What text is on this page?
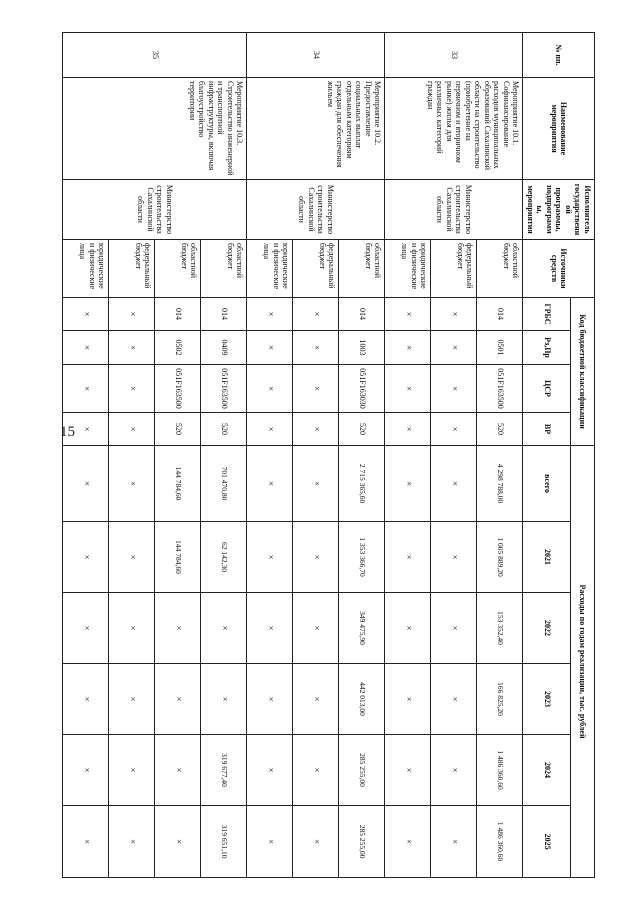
15
№ пп.	Наименование мероприятия	Исполнитель государственной программы, подпрограммы, мероприятия	Источники средств	Код бюджетной классификации				Расходы по годам реализации, тыс. рублей					
				ГРБС	Рз,Пр	ЦСР	ВР	всего	2021	2022	2023	2024	2025
33	Мероприятие 10.1. Софинансирование расходов муниципальных образований Сахалинской области на строительство (приобретение на первичном и вторичном рынке) жилья для различных категорий граждан	Министерство строительства Сахалинской области	областной бюджет	014	0501	051F163500	520	4 298 788,00	1 005 889,20	153 352,40	166 825,20	1 486 360,60	1 486 360,60
			федеральный бюджет	×	×	×	×	×	×	×	×	×	×
			юридические и физические лица	×	×	×	×	×	×	×	×	×	×
34	Мероприятие 10.2. Предоставление социальных выплат отдельным категориям граждан для обеспечения жильем	Министерство строительства Сахалинской области	областной бюджет	014	1003	051F163030	520	2 715 365,60	1 353 366,70	349 475,90	442 013,00	285 255,00	285 255,00
			федеральный бюджет	×	×	×	×	×	×	×	×	×	×
			юридические и физические лица	×	×	×	×	×	×	×	×	×	×
35	Мероприятие 10.3. Строительство инженерной и транспортной инфраструктуры, включая благоустройство территории	Министерство строительства Сахалинской области	областной бюджет	014	0409	051F163500	520	701 470,80	62 142,30	×	×	319 677,40	319 651,10
			областной бюджет	014	0502	051F163500	520	144 784,60	144 784,60	×	×	×	×
			федеральный бюджет	×	×	×	×	×	×	×	×	×	×
			юридические и физические лица	×	×	×	×	×	×	×	×	×	×
